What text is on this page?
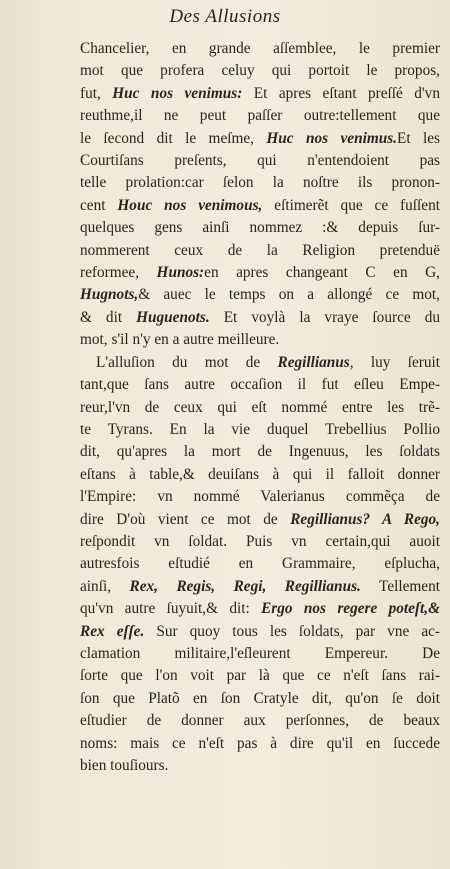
Des Allusions
Chancelier, en grande aſſemblee, le premier
mot que profera celuy qui portoit le propos,
fut, Huc nos venimus: Et apres eſtant preſſé d'vn
reuthme,il ne peut paſſer outre:tellement que
le ſecond dit le meſme, Huc nos venimus.Et les
Courtiſans preſents, qui n'entendoient pas
telle prolation:car ſelon la noſtre ils pronon-
cent Houc nos venimous, eſtimerẽt que ce fuſſent
quelques gens ainſi nommez :& depuis ſur-
nommerent ceux de la Religion pretenduë
reformee, Hunos:en apres changeant C en G,
Hugnots,& auec le temps on a allongé ce mot,
& dit Huguenots. Et voylà la vraye ſource du
mot, s'il n'y en a autre meilleure.
L'alluſion du mot de Regillianus, luy ſeruit
tant,que ſans autre occaſion il fut eſleu Empe-
reur,l'vn de ceux qui eſt nommé entre les trẽ-
te Tyrans. En la vie duquel Trebellius Pollio
dit, qu'apres la mort de Ingenuus, les ſoldats
eſtans à table,& deuiſans à qui il falloit donner
l'Empire: vn nommé Valerianus commẽça de
dire D'où vient ce mot de Regillianus? A Rego,
reſpondit vn ſoldat. Puis vn certain,qui auoit
autresfois eſtudié en Grammaire, eſplucha,
ainſi, Rex, Regis, Regi, Regillianus. Tellement
qu'vn autre ſuyuit,& dit: Ergo nos regere poteſt,&
Rex eſſe. Sur quoy tous les ſoldats, par vne ac-
clamation militaire,l'eſleurent Empereur. De
ſorte que l'on voit par là que ce n'eſt ſans rai-
ſon que Platõ en ſon Cratyle dit, qu'on ſe doit
eſtudier de donner aux perſonnes, de beaux
noms: mais ce n'eſt pas à dire qu'il en ſuccede
bien touſiours.
